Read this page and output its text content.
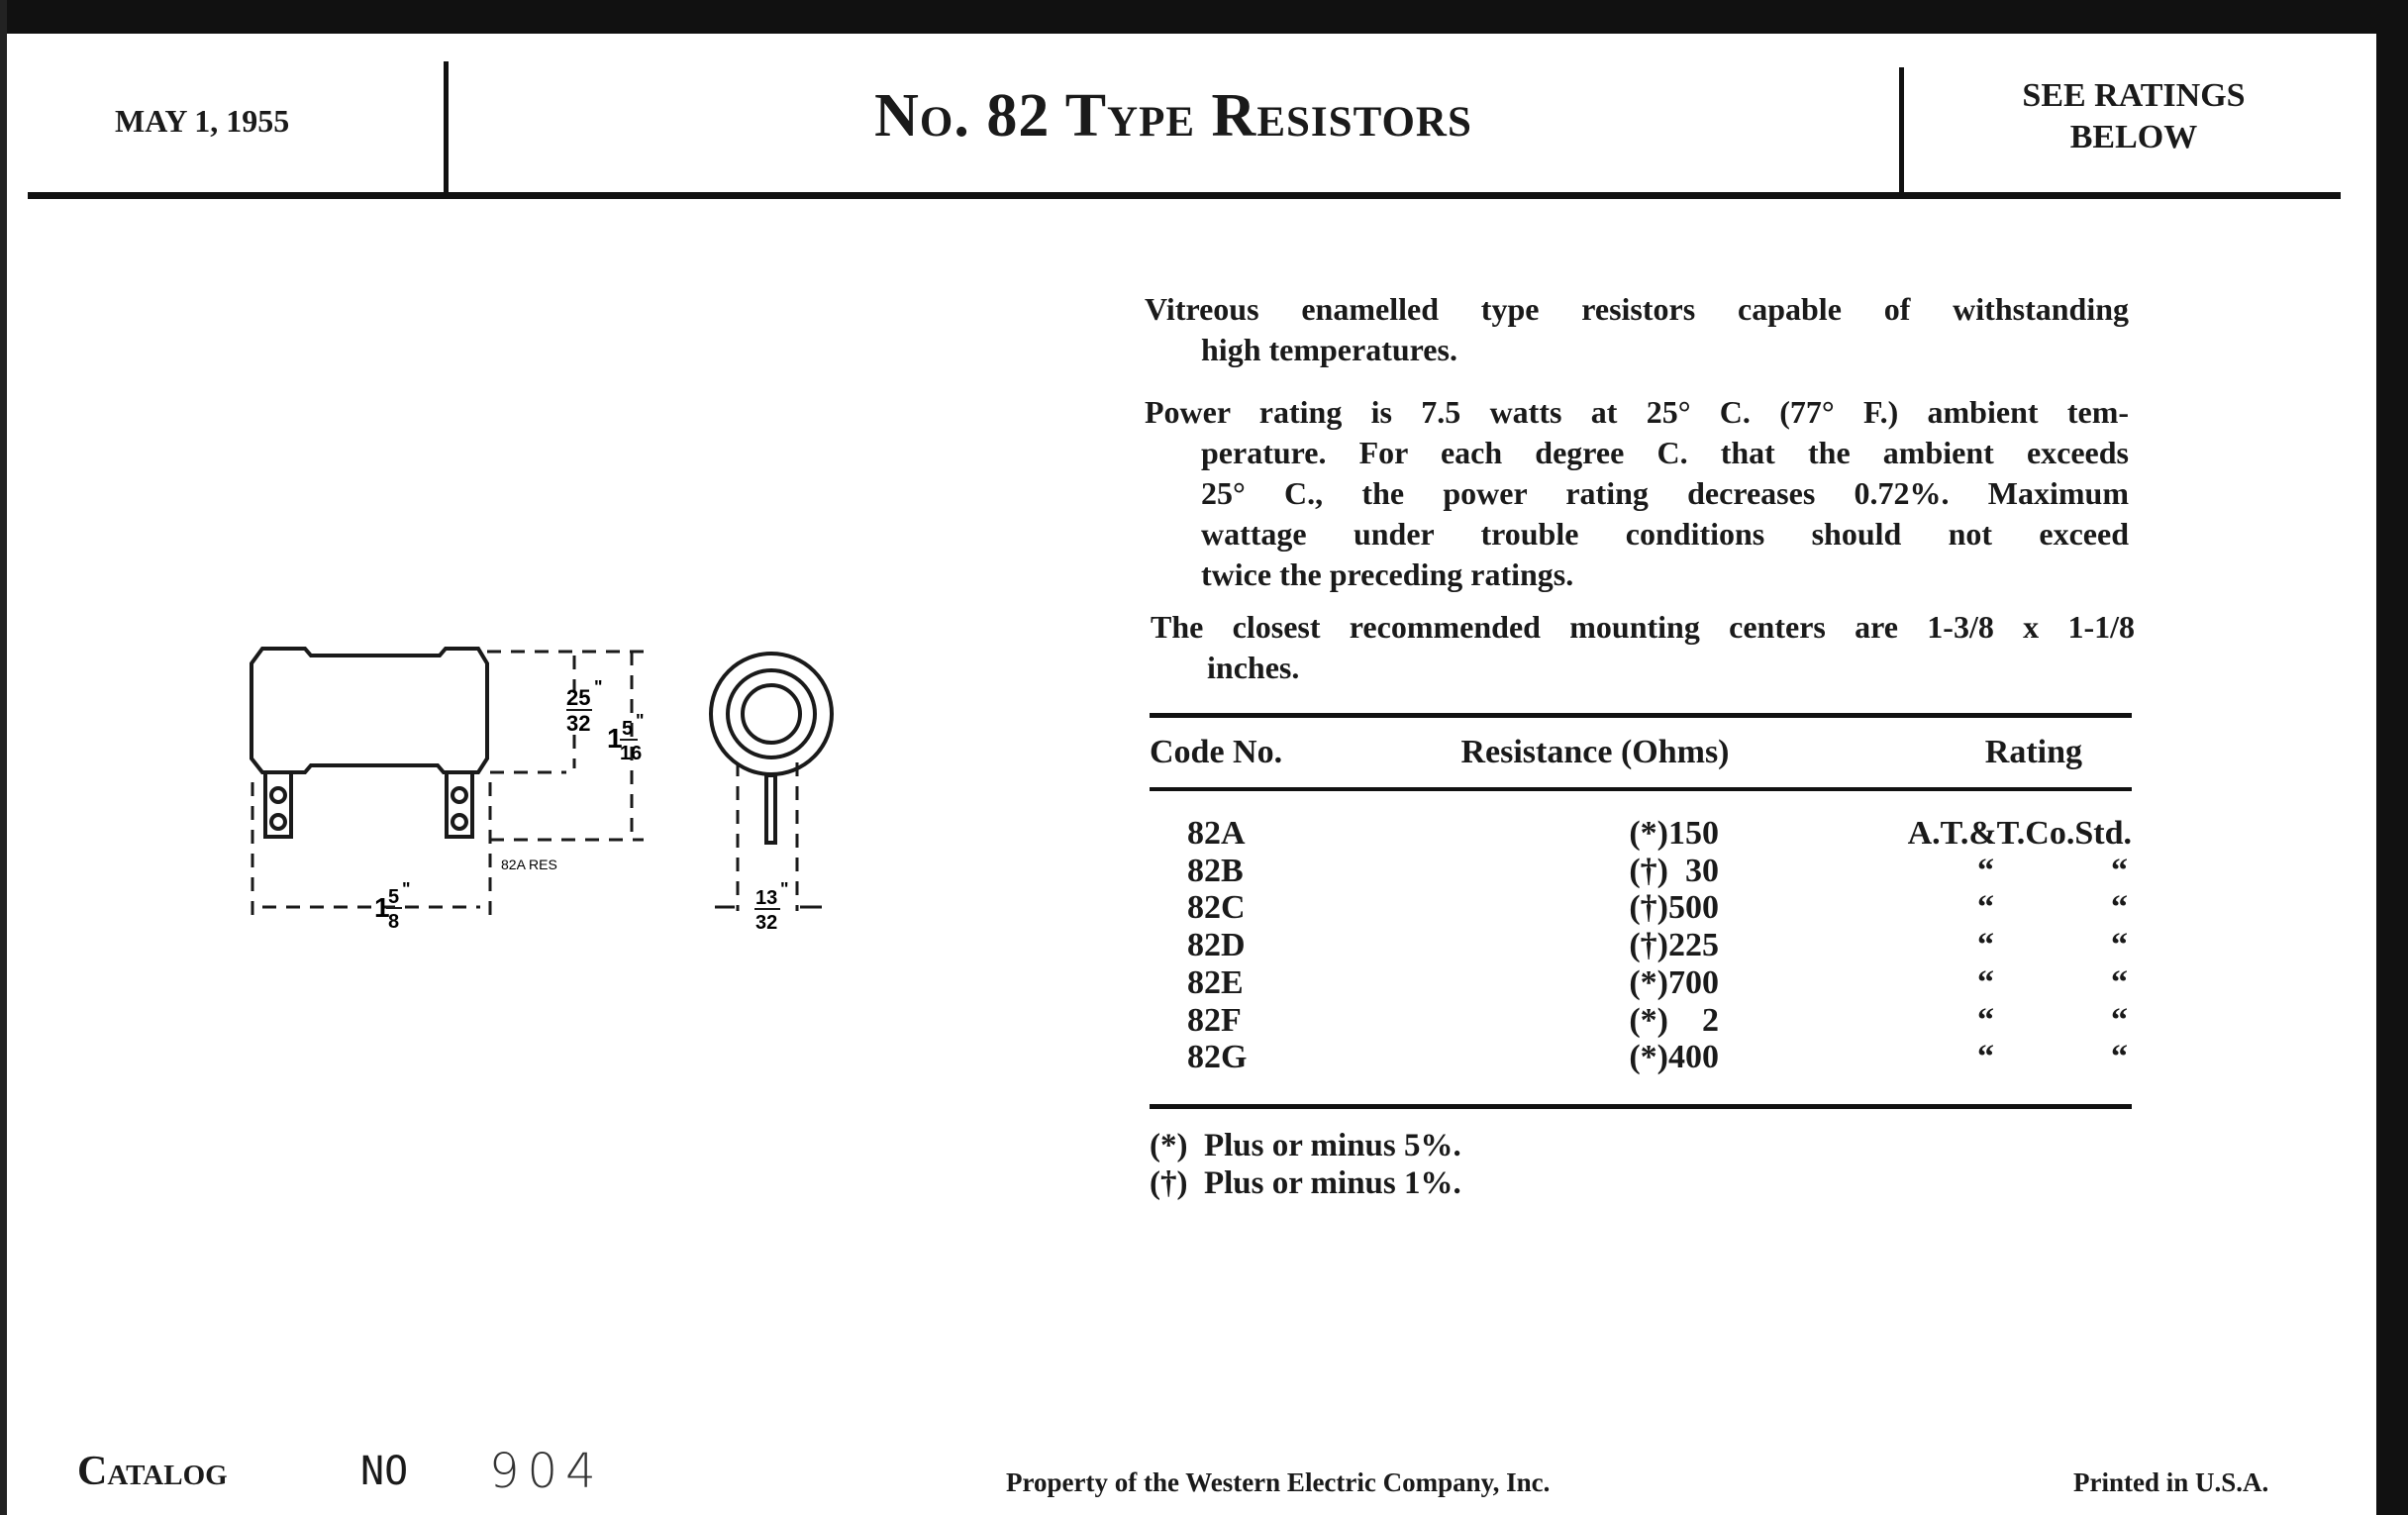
MAY 1, 1955	No. 82 Type Resistors	SEE RATINGS
BELOW
Vitreous enamelled type resistors capable of withstanding
high temperatures.
Power rating is 7.5 watts at 25° C. (77° F.) ambient tem-
perature. For each degree C. that the ambient exceeds
25° C., the power rating decreases 0.72%. Maximum
wattage under trouble conditions should not exceed
twice the preceding ratings.
The closest recommended mounting centers are 1-3/8 x 1-1/8
inches.
25
32
"
1 5
16
"
82A RES
1
5
8
"	13
32
"
Code No.	Resistance (Ohms)	Rating
82A	(*)150	A.T.&T.Co.Std.
82B	(†)  30	“	“
82C	(†)500	“	“
82D	(†)225	“	“
82E	(*)700	“	“
82F	(*)    2	“	“
82G	(*)400	“	“
(*)  Plus or minus 5%.
(†)  Plus or minus 1%.
Catalog	NO 904	Property of the Western Electric Company, Inc.	Printed in U.S.A.
